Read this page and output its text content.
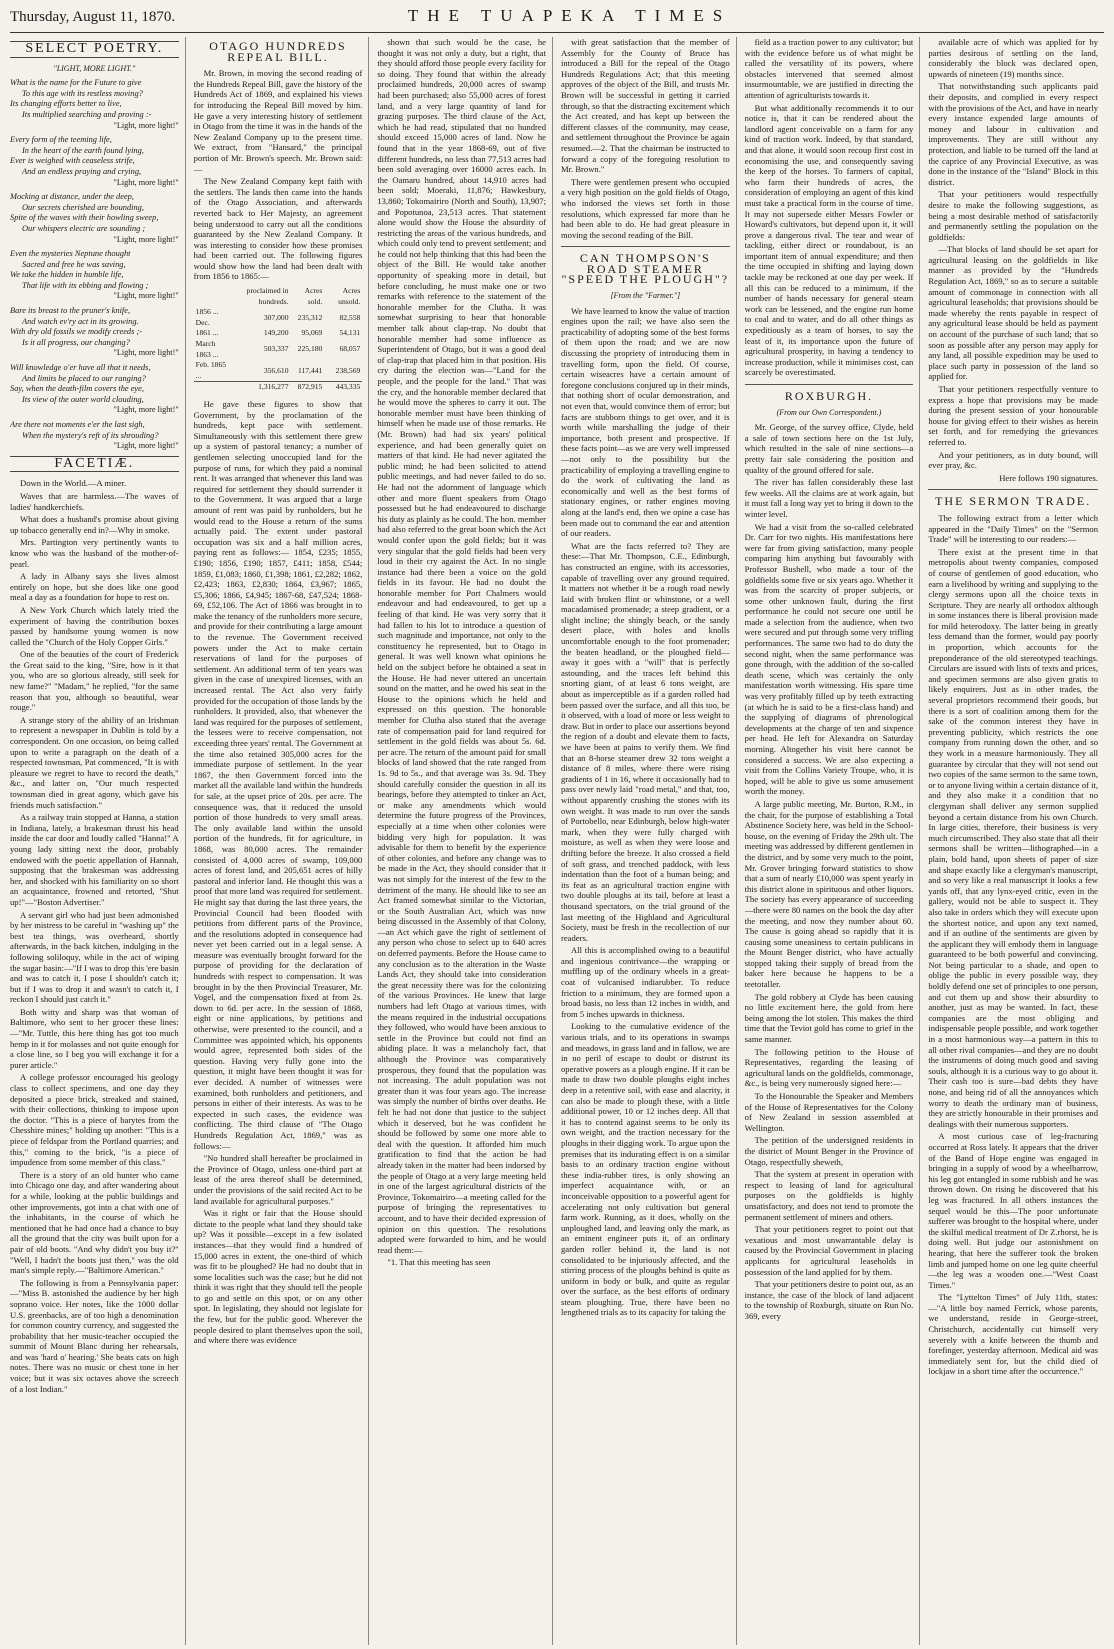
Thursday, August 11, 1870.	THE TUAPEKA TIMES
SELECT POETRY.
"LIGHT, MORE LIGHT."
What is the name for the Future to give
To this age with its restless moving?
Its changing efforts better to live,
Its multiplied searching and proving :-
"Light, more light!"
Every form of the teeming life,
In the heart of the earth found lying,
Ever is weighed with ceaseless strife,
And an endless praying and crying,
"Light, more light!"
Mocking at distance, under the deep,
Our secrets cherished are bounding,
Spite of the waves with their howling sweep,
Our whispers electric are sounding ;
"Light, more light!"
Even the mysteries Neptune thought
Sacred and free he was saving,
We take the hidden in humble life,
That life with its ebbing and flowing ;
"Light, more light!"
Bare its breast to the pruner's knife,
And watch ev'ry act in its growing.
With dry old fossils we modify creeds ;-
Is it all progress, our changing?
"Light, more light!"
Will knowledge o'er have all that it needs,
And limits be placed to our ranging?
Say, when the death-film covers the eye,
Its view of the outer world clouding,
"Light, more light!"
Are there not moments e'er the last sigh,
When the mystery's reft of its shrouding?
"Light, more light!"
FACETIÆ.

Down in the World.—A miner.

Waves that are harmless.—The waves of ladies' handkerchiefs.

What does a husband's promise about giving up tobacco generally end in?—Why in smoke.

Mrs. Partington very pertinently wants to know who was the husband of the mother-of-pearl.

A lady in Albany says she lives almost entirely on hope, but she does like one good meal a day as a foundation for hope to rest on.

A New York Church which lately tried the experiment of having the contribution boxes passed by handsome young women is now called the "Church of the Holy Copper Girls."

One of the beauties of the court of Frederick the Great said to the king, "Sire, how is it that you, who are so glorious already, still seek for new fame?" "Madam," he replied, "for the same reason that you, although so beautiful, wear rouge."

A strange story of the ability of an Irishman to represent a newspaper in Dublin is told by a correspondent. On one occasion, on being called upon to write a paragraph on the death of a respected townsman, Pat commenced, "It is with pleasure we regret to have to record the death," &c., and latter on, "Our much respected townsman died in great agony, which gave his friends much satisfaction."

As a railway train stopped at Hanna, a station in Indiana, lately, a brakesman thrust his head inside the car door and loudly called "Hanna!" A young lady sitting next the door, probably endowed with the poetic appellation of Hannah, supposing that the brakesman was addressing her, and shocked with his familiarity on so short an acquaintance, frowned and retorted, "Shut up!"—"Boston Advertiser."

A servant girl who had just been admonished by her mistress to be careful in "washing up" the best tea things, was overheard, shortly afterwards, in the back kitchen, indulging in the following soliloquy, while in the act of wiping the sugar basin:—"If I was to drop this 'ere basin and was to catch it, I pose I shouldn't catch it; but if I was to drop it and wasn't to catch it, I reckon I should just catch it."

Both witty and sharp was that woman of Baltimore, who sent to her grocer these lines:—"Mr. Tuttle, this here thing has got too much hemp in it for molasses and not quite enough for a close line, so I beg you will exchange it for a purer article."

A college professor encouraged his geology class to collect specimens, and one day they deposited a piece brick, streaked and stained, with their collections, thinking to impose upon the doctor. "This is a piece of barytes from the Chesshire mines;" holding up another: "This is a piece of feldspar from the Portland quarries; and this," coming to the brick, "is a piece of impudence from some member of this class."

There is a story of an old hunter who came into Chicago one day, and after wandering about for a while, looking at the public buildings and other improvements, got into a chat with one of the inhabitants, in the course of which he mentioned that he had once had a chance to buy all the ground that the city was built upon for a pair of old boots. "And why didn't you buy it?" "Well, I hadn't the boots just then," was the old man's simple reply.—"Baltimore American."

The following is from a Pennsylvania paper:—"Miss B. astonished the audience by her high soprano voice. Her notes, like the 1000 dollar U.S. greenbacks, are of too high a denomination for common country currency, and suggested the probability that her music-teacher occupied the summit of Mount Blanc during her rehearsals, and was 'hard o' hearing.' She beats cats on high notes. There was no music or chest tone in her voice; but it was six octaves above the screech of a lost Indian."

OTAGO HUNDREDS REPEAL BILL.

Mr. Brown, in moving the second reading of the Hundreds Repeal Bill, gave the history of the Hundreds Act of 1869, and explained his views for introducing the Repeal Bill moved by him. He gave a very interesting history of settlement in Otago from the time it was in the hands of the New Zealand Company up to the present time. We extract, from "Hansard," the principal portion of Mr. Brown's speech. Mr. Brown said:—

The New Zealand Company kept faith with the settlers. The lands then came into the hands of the Otago Association, and afterwards reverted back to Her Majesty, an agreement being understood to carry out all the conditions guaranteed by the New Zealand Company. It was interesting to consider how these promises had been carried out. The following figures would show how the land had been dealt with from 1856 to 1865:—

	proclaimed in hundreds.	Acres sold.	Acres unsold.
1856 ... Dec.	307,000	235,312	82,558
1861 ...	149,200	95,069	54,131
March 1863 ...	503,337	225,180	68,057
Feb. 1865 ...	356,610	117,441	238,569
	1,316,277	872,915	443,335

He gave these figures to show that Government, by the proclamation of the hundreds, kept pace with settlement. Simultaneously with this settlement there grew up a system of pastoral tenancy; a number of gentlemen selecting unoccupied land for the purpose of runs, for which they paid a nominal rent. It was arranged that whenever this land was required for settlement they should surrender it to the Government. It was argued that a large amount of rent was paid by runholders, but he would read to the House a return of the sums actually paid. The extent under pastoral occupation was six and a half million acres, paying rent as follows:— 1854, £235; 1855, £190; 1856, £190; 1857, £411; 1858, £544; 1859, £1,083; 1860, £1,398; 1861, £2,282; 1862, £2,423; 1863, £2,830; 1864, £3,967; 1865, £5,306; 1866, £4,945; 1867-68, £47,524; 1868-69, £52,106. The Act of 1866 was brought in to make the tenancy of the runholders more secure, and provide for their contributing a large amount to the revenue. The Government received powers under the Act to make certain reservations of land for the purposes of settlement. An additional term of ten years was given in the case of unexpired licenses, with an increased rental. The Act also very fairly provided for the occupation of those lands by the runholders. It provided, also, that whenever the land was required for the purposes of settlement, the lessees were to receive compensation, not exceeding three years' rental. The Government at the time also retained 305,000 acres for the immediate purpose of settlement. In the year 1867, the then Government forced into the market all the available land within the hundreds for sale, at the upset price of 20s. per acre. The consequence was, that it reduced the unsold portion of those hundreds to very small areas. The only available land within the unsold portion of the hundreds, fit for agriculture, in 1868, was 80,000 acres. The remainder consisted of 4,000 acres of swamp, 109,000 acres of forest land, and 205,651 acres of hilly pastoral and inferior land. He thought this was a proof that more land was required for settlement. He might say that during the last three years, the Provincial Council had been flooded with petitions from different parts of the Province, and the resolutions adopted in consequence had never yet been carried out in a legal sense. A measure was eventually brought forward for the purpose of providing for the declaration of hundreds with respect to compensation. It was brought in by the then Provincial Treasurer, Mr. Vogel, and the compensation fixed at from 2s. down to 6d. per acre. In the session of 1868, eight or nine applications, by petitions and otherwise, were presented to the council, and a Committee was appointed which, his opponents would agree, represented both sides of the question. Having very fully gone into the question, it might have been thought it was for ever decided. A number of witnesses were examined, both runholders and petitioners, and persons in either of their interests. As was to be expected in such cases, the evidence was conflicting. The third clause of "The Otago Hundreds Regulation Act, 1869," was as follows:—

"No hundred shall hereafter be proclaimed in the Province of Otago, unless one-third part at least of the area thereof shall be determined, under the provisions of the said recited Act to be land available for agricultural purposes."

Was it right or fair that the House should dictate to the people what land they should take up? Was it possible—except in a few isolated instances—that they would find a hundred of 15,000 acres in extent, the one-third of which was fit to be ploughed? He had no doubt that in some localities such was the case; but he did not think it was right that they should tell the people to go and settle on this spot, or on any other spot. In legislating, they should not legislate for the few, but for the public good. Wherever the people desired to plant themselves upon the soil, and where there was evidence

shown that such would be the case, he thought it was not only a duty, but a right, that they should afford those people every facility for so doing. They found that within the already proclaimed hundreds, 20,000 acres of swamp had been purchased; also 55,000 acres of forest land, and a very large quantity of land for grazing purposes. The third clause of the Act, which he had read, stipulated that no hundred should exceed 15,000 acres of land. Now he found that in the year 1868-69, out of five different hundreds, no less than 77,513 acres had been sold averaging over 16000 acres each. In the Oamaru hundred, about 14,910 acres had been sold; Moeraki, 11,876; Hawkesbury, 13,860; Tokomairiro (North and South), 13,907; and Popotunoa, 23,513 acres. That statement alone would show the House the absurdity of restricting the areas of the various hundreds, and which could only tend to prevent settlement; and he could not help thinking that this had been the object of the Bill. He would take another opportunity of speaking more in detail, but before concluding, he must make one or two remarks with reference to the statement of the honorable member for the Clutha. It was somewhat surprising to hear that honorable member talk about clap-trap. No doubt that honorable member had some influence as Superintendent of Otago, but it was a good deal of clap-trap that placed him in that position. His cry during the election was—"Land for the people, and the people for the land." That was the cry, and the honorable member declared that he would move the spheres to carry it out. The honorable member must have been thinking of himself when he made use of those remarks. He (Mr. Brown) had had six years' political experience, and had been generally quiet on matters of that kind. He had never agitated the public mind; he had been solicited to attend public meetings, and had never failed to do so. He had not the adornment of language which other and more fluent speakers from Otago possessed but he had endeavoured to discharge his duty as plainly as he could. The hon. member had also referred to the great boon which the Act would confer upon the gold fields; but it was very singular that the gold fields had been very loud in their cry against the Act. In no single instance had there been a voice on the gold fields in its favour. He had no doubt the honorable member for Port Chalmers would endeavour and had endeavoured, to get up a feeling of that kind. He was very sorry that it had fallen to his lot to introduce a question of such magnitude and importance, not only to the constituency he represented, but to Otago in general. It was well known what opinions he held on the subject before he obtained a seat in the House. He had never uttered an uncertain sound on the matter, and he owed his seat in the House to the opinions which he held and expressed on this question. The honorable member for Clutha also stated that the average rate of compensation paid for land required for settlement in the gold fields was about 5s. 6d. per acre. The return of the amount paid for small blocks of land showed that the rate ranged from 1s. 9d to 5s., and that average was 3s. 9d. They should carefully consider the question in all its bearings, before they attempted to tinker an Act, or make any amendments which would determine the future progress of the Provinces, especially at a time when other colonies were bidding very high for population. It was advisable for them to benefit by the experience of other colonies, and before any change was to be made in the Act, they should consider that it was not simply for the interest of the few to the detriment of the many. He should like to see an Act framed somewhat similar to the Victorian, or the South Australian Act, which was now being discussed in the Assembly of that Colony,—an Act which gave the right of settlement of any person who chose to select up to 640 acres on deferred payments. Before the House came to any conclusion as to the alteration in the Waste Lands Act, they should take into consideration the great necessity there was for the colonizing of the various Provinces. He knew that large numbers had left Otago at various times, with the means required in the industrial occupations they followed, who would have been anxious to settle in the Province but could not find an abiding place. It was a melancholy fact, that although the Province was comparatively prosperous, they found that the population was not increasing. The adult population was not greater than it was four years ago. The increase was simply the number of births over deaths. He felt he had not done that justice to the subject which it deserved, but he was confident he should be followed by some one more able to deal with the question. It afforded him much gratification to find that the action he had already taken in the matter had been indorsed by the people of Otago at a very large meeting held in one of the largest agricultural districts of the Province, Tokomairiro—a meeting called for the purpose of bringing the representatives to account, and to have their decided expression of opinion on this question. The resolutions adopted were forwarded to him, and he would read them:—

"1. That this meeting has seen

with great satisfaction that the member of Assembly for the County of Bruce has introduced a Bill for the repeal of the Otago Hundreds Regulations Act; that this meeting approves of the object of the Bill, and trusts Mr. Brown will be successful in getting it carried through, so that the distracting excitement which the Act created, and has kept up between the different classes of the community, may cease, and settlement throughout the Province be again resumed.—2. That the chairman be instructed to forward a copy of the foregoing resolution to Mr. Brown."

There were gentlemen present who occupied a very high position on the gold fields of Otago, who indorsed the views set forth in those resolutions, which expressed far more than he had been able to do. He had great pleasure in moving the second reading of the Bill.

CAN THOMPSON'S ROAD STEAMER "SPEED THE PLOUGH"?
[From the "Farmer."]

We have learned to know the value of traction engines upon the rail; we have also seen the practicability of adopting some of the best forms of them upon the road; and we are now discussing the propriety of introducing them in travelling form, upon the field. Of course, certain wiseacres have a certain amount of foregone conclusions conjured up in their minds, that nothing short of ocular demonstration, and not even that, would convince them of error; but facts are stubborn things to get over, and it is worth while marshalling the judge of their importance, both present and prospective. If these facts point—as we are very well impressed—not only to the possibility but the practicability of employing a travelling engine to do the work of cultivating the land as economically and well as the best forms of stationary engines, or rather engines moving along at the land's end, then we opine a case has been made out to command the ear and attention of our readers.

What are the facts referred to? They are these:—That Mr. Thompson, C.E., Edinburgh, has constructed an engine, with its accessories, capable of travelling over any ground required. It matters not whether it be a rough road newly laid with broken flint or whinstone, or a well macadamised promenade; a steep gradient, or a slight incline; the shingly beach, or the sandy desert place, with holes and knolls uncomfortable enough to the foot promenader; the beaten headland, or the ploughed field—away it goes with a "will" that is perfectly astounding, and the traces left behind this snorting giant, of at least 6 tons weight, are about as imperceptible as if a garden rolled had been passed over the surface, and all this too, be it observed, with a load of more or less weight to draw. But in order to place our assertions beyond the region of a doubt and elevate them to facts, we have been at pains to verify them. We find that an 8-horse steamer drew 32 tons weight a distance of 8 miles, where there were rising gradients of 1 in 16, where it occasionally had to pass over newly laid "road metal," and that, too, without apparently crushing the stones with its own weight. It was made to run over the sands of Portobello, near Edinburgh, below high-water mark, when they were fully charged with moisture, as well as when they were loose and drifting before the breeze. It also crossed a field of soft grass, and trenched paddock, with less indentation than the foot of a human being; and its feat as an agricultural traction engine with two double ploughs at its tail, before at least a thousand spectators, on the trial ground of the last meeting of the Highland and Agricultural Society, must be fresh in the recollection of our readers.

All this is accomplished owing to a beautiful and ingenious contrivance—the wrapping or muffling up of the ordinary wheels in a great-coat of vulcanised indiarubber. To reduce friction to a minimum, they are formed upon a broad basis, no less than 12 inches in width, and from 5 inches upwards in thickness.

Looking to the cumulative evidence of the various trials, and to its operations in swamps and meadows, in grass land and in fallow, we are in no peril of escape to doubt or distrust its operative powers as a plough engine. If it can be made to draw two double ploughs eight inches deep in a retentive soil, with ease and alacrity, it can also be made to plough these, with a little additional power, 10 or 12 inches deep. All that it has to contend against seems to be only its own weight, and the traction necessary for the ploughs in their digging work. To argue upon the premises that its indurating effect is on a similar basis to an ordinary traction engine without these india-rubber tires, is only showing an imperfect acquaintance with, or an inconceivable opposition to a powerful agent for accelerating not only cultivation but general farm work. Running, as it does, wholly on the unploughed land, and leaving only the mark, as an eminent engineer puts it, of an ordinary garden roller behind it, the land is not consolidated to be injuriously affected, and the stirring process of the ploughs behind is quite as uniform in body or bulk, and quite as regular over the surface, as the best efforts of ordinary steam ploughing. True, there have been no lengthened trials as to its capacity for taking the

field as a traction power to any cultivator; but with the evidence before us of what might be called the versatility of its powers, where obstacles intervened that seemed almost insurmountable, we are justified in directing the attention of agriculturists towards it.

But what additionally recommends it to our notice is, that it can be rendered about the landlord agent conceivable on a farm for any kind of traction work. Indeed, by that standard, and that alone, it would soon recoup first cost in economising the use, and consequently saving the keep of the horses. To farmers of capital, who farm their hundreds of acres, the consideration of employing an agent of this kind must take a practical form in the course of time. It may not supersede either Messrs Fowler or Howard's cultivators, but depend upon it, it will prove a dangerous rival. The tear and wear of tackling, either direct or roundabout, is an important item of annual expenditure; and then the time occupied in shifting and laying down tackle may be reckoned at one day per week. If all this can be reduced to a minimum, if the number of hands necessary for general steam work can be lessened, and the engine run home to coal and to water, and do all other things as expeditiously as a team of horses, to say the least of it, its importance upon the future of agricultural prosperity, in having a tendency to increase production, while it minimises cost, can scarcely be overestimated.

ROXBURGH.
(From our Own Correspondent.)

Mr. George, of the survey office, Clyde, held a sale of town sections here on the 1st July, which resulted in the sale of nine sections—a pretty fair sale considering the position and quality of the ground offered for sale.

The river has fallen considerably these last few weeks. All the claims are at work again, but it must fall a long way yet to bring it down to the winter level.

We had a visit from the so-called celebrated Dr. Carr for two nights. His manifestations here were far from giving satisfaction, many people comparing him anything but favourably with Professor Bushell, who made a tour of the goldfields some five or six years ago. Whether it was from the scarcity of proper subjects, or some other unknown fault, during the first performance he could not secure one until he made a selection from the audience, when two were secured and put through some very trifling performances. The same two had to do duty the second night, when the same performance was gone through, with the addition of the so-called death scene, which was certainly the only manifestation worth witnessing. His spare time was very profitably filled up by teeth extracting (at which he is said to be a first-class hand) and the supplying of diagrams of phrenological developments at the charge of ten and sixpence per head. He left for Alexandra on Saturday morning. Altogether his visit here cannot be considered a success. We are also expecting a visit from the Collins Variety Troupe, who, it is hoped, will be able to give us some amusement worth the money.

A large public meeting, Mr. Burton, R.M., in the chair, for the purpose of establishing a Total Abstinence Society here, was held in the School-house, on the evening of Friday the 29th ult. The meeting was addressed by different gentlemen in the district, and by some very much to the point, Mr. Grover bringing forward statistics to show that a sum of nearly £10,000 was spent yearly in this district alone in spirituous and other liquors. The society has every appearance of succeeding—there were 80 names on the book the day after the meeting, and now they number about 60. The cause is going ahead so rapidly that it is causing some uneasiness to certain publicans in the Mount Benger district, who have actually stopped taking their supply of bread from the baker here because he happens to be a teetotaller.

The gold robbery at Clyde has been causing no little excitement here, the gold from here being among the lot stolen. This makes the third time that the Teviot gold has come to grief in the same manner.

The following petition to the House of Representatives, regarding the leasing of agricultural lands on the goldfields, commonage, &c., is being very numerously signed here:—

To the Honourable the Speaker and Members of the House of Representatives for the Colony of New Zealand in session assembled at Wellington.

The petition of the undersigned residents in the district of Mount Benger in the Province of Otago, respectfully sheweth,

That the system at present in operation with respect to leasing of land for agricultural purposes on the goldfields is highly unsatisfactory, and does not tend to promote the permanent settlement of miners and others.

That your petitioners regret to point out that vexatious and most unwarrantable delay is caused by the Provincial Government in placing applicants for agricultural leaseholds in possession of the land applied for by them.

That your petitioners desire to point out, as an instance, the case of the block of land adjacent to the township of Roxburgh, situate on Run No. 369, every

available acre of which was applied for by parties desirous of settling on the land, considerably the block was declared open, upwards of nineteen (19) months since.

That notwithstanding such applicants paid their deposits, and complied in every respect with the provisions of the Act, and have in nearly every instance expended large amounts of money and labour in cultivation and improvements. They are still without any protection, and liable to be turned off the land at the caprice of any Provincial Executive, as was done in the instance of the "Island" Block in this district.

That your petitioners would respectfully desire to make the following suggestions, as being a most desirable method of satisfactorily and permanently settling the population on the goldfields:

—That blocks of land should be set apart for agricultural leasing on the goldfields in like manner as provided by the "Hundreds Regulation Act, 1869," so as to secure a suitable amount of commonage in connection with all agricultural leaseholds; that provisions should be made whereby the rents payable in respect of any agricultural lease should be held as payment on account of the purchase of such land; that so soon as possible after any person may apply for any land, all possible expedition may be used to place such party in possession of the land so applied for.

That your petitioners respectfully venture to express a hope that provisions may be made during the present session of your honourable house for giving effect to their wishes as herein set forth, and for remedying the grievances referred to.

And your petitioners, as in duty bound, will ever pray, &c.

Here follows 190 signatures.

THE SERMON TRADE.

The following extract from a letter which appeared in the "Daily Times" on the "Sermon Trade" will be interesting to our readers:—

There exist at the present time in that metropolis about twenty companies, composed of course of gentlemen of good education, who earn a livelihood by writing and supplying to the clergy sermons upon all the choice texts in Scripture. They are nearly all orthodox although in some instances there is liberal provision made for mild heterodoxy. The latter being in greatly less demand than the former, would pay poorly in proportion, which accounts for the preponderance of the old stereotyped teachings. Circulars are issued with lists of texts and prices, and specimen sermons are also given gratis to likely enquirers. Just as in other trades, the several proprietors recommend their goods, but there is a sort of coalition among them for the sake of the common interest they have in preventing publicity, which restricts the one company from running down the other, and so they work in a measure harmoniously. They all guarantee by circular that they will not send out two copies of the same sermon to the same town, or to anyone living within a certain distance of it, and they also make it a condition that no clergyman shall deliver any sermon supplied beyond a certain distance from his own Church. In large cities, therefore, their business is very much circumscribed. They also state that all their sermons shall be written—lithographed—in a plain, bold hand, upon sheets of paper of size and shape exactly like a clergyman's manuscript, and so very like a real manuscript it looks a few yards off, that any lynx-eyed critic, even in the gallery, would not be able to suspect it. They also take in orders which they will execute upon the shortest notice, and upon any text named, and if an outline of the sentiments are given by the applicant they will embody them in language guaranteed to be both powerful and convincing. Not being particular to a shade, and open to oblige the public in every possible way, they boldly defend one set of principles to one person, and cut them up and show their absurdity to another, just as may be wanted. In fact, these companies are the most obliging and indispensable people possible, and work together in a most harmonious way—a pattern in this to all other rival companies—and they are no doubt the instruments of doing much good and saving souls, although it is a curious way to go about it. Their cash too is sure—bad debts they have none, and being rid of all the annoyances which worry to death the ordinary man of business, they are strictly honourable in their promises and dealings with their numerous supporters.

A most curious case of leg-fracturing occurred at Ross lately. It appears that the driver of the Band of Hope engine was engaged in bringing in a supply of wood by a wheelbarrow, his leg got entangled in some rubbish and he was thrown down. On rising he discovered that his leg was fractured. In all others instances the sequel would be this—The poor unfortunate sufferer was brought to the hospital where, under the skilful medical treatment of Dr Z.rhorst, he is doing well. But judge our astonishment on hearing, that here the sufferer took the broken limb and jumped home on one leg quite cheerful—the leg was a wooden one.—"West Coast Times."

The "Lyttelton Times" of July 11th, states:—"A little boy named Ferrick, whose parents, we understand, reside in George-street, Christchurch, accidentally cut himself very severely with a knife between the thumb and forefinger, yesterday afternoon. Medical aid was immediately sent for, but the child died of lockjaw in a short time after the occurrence."
